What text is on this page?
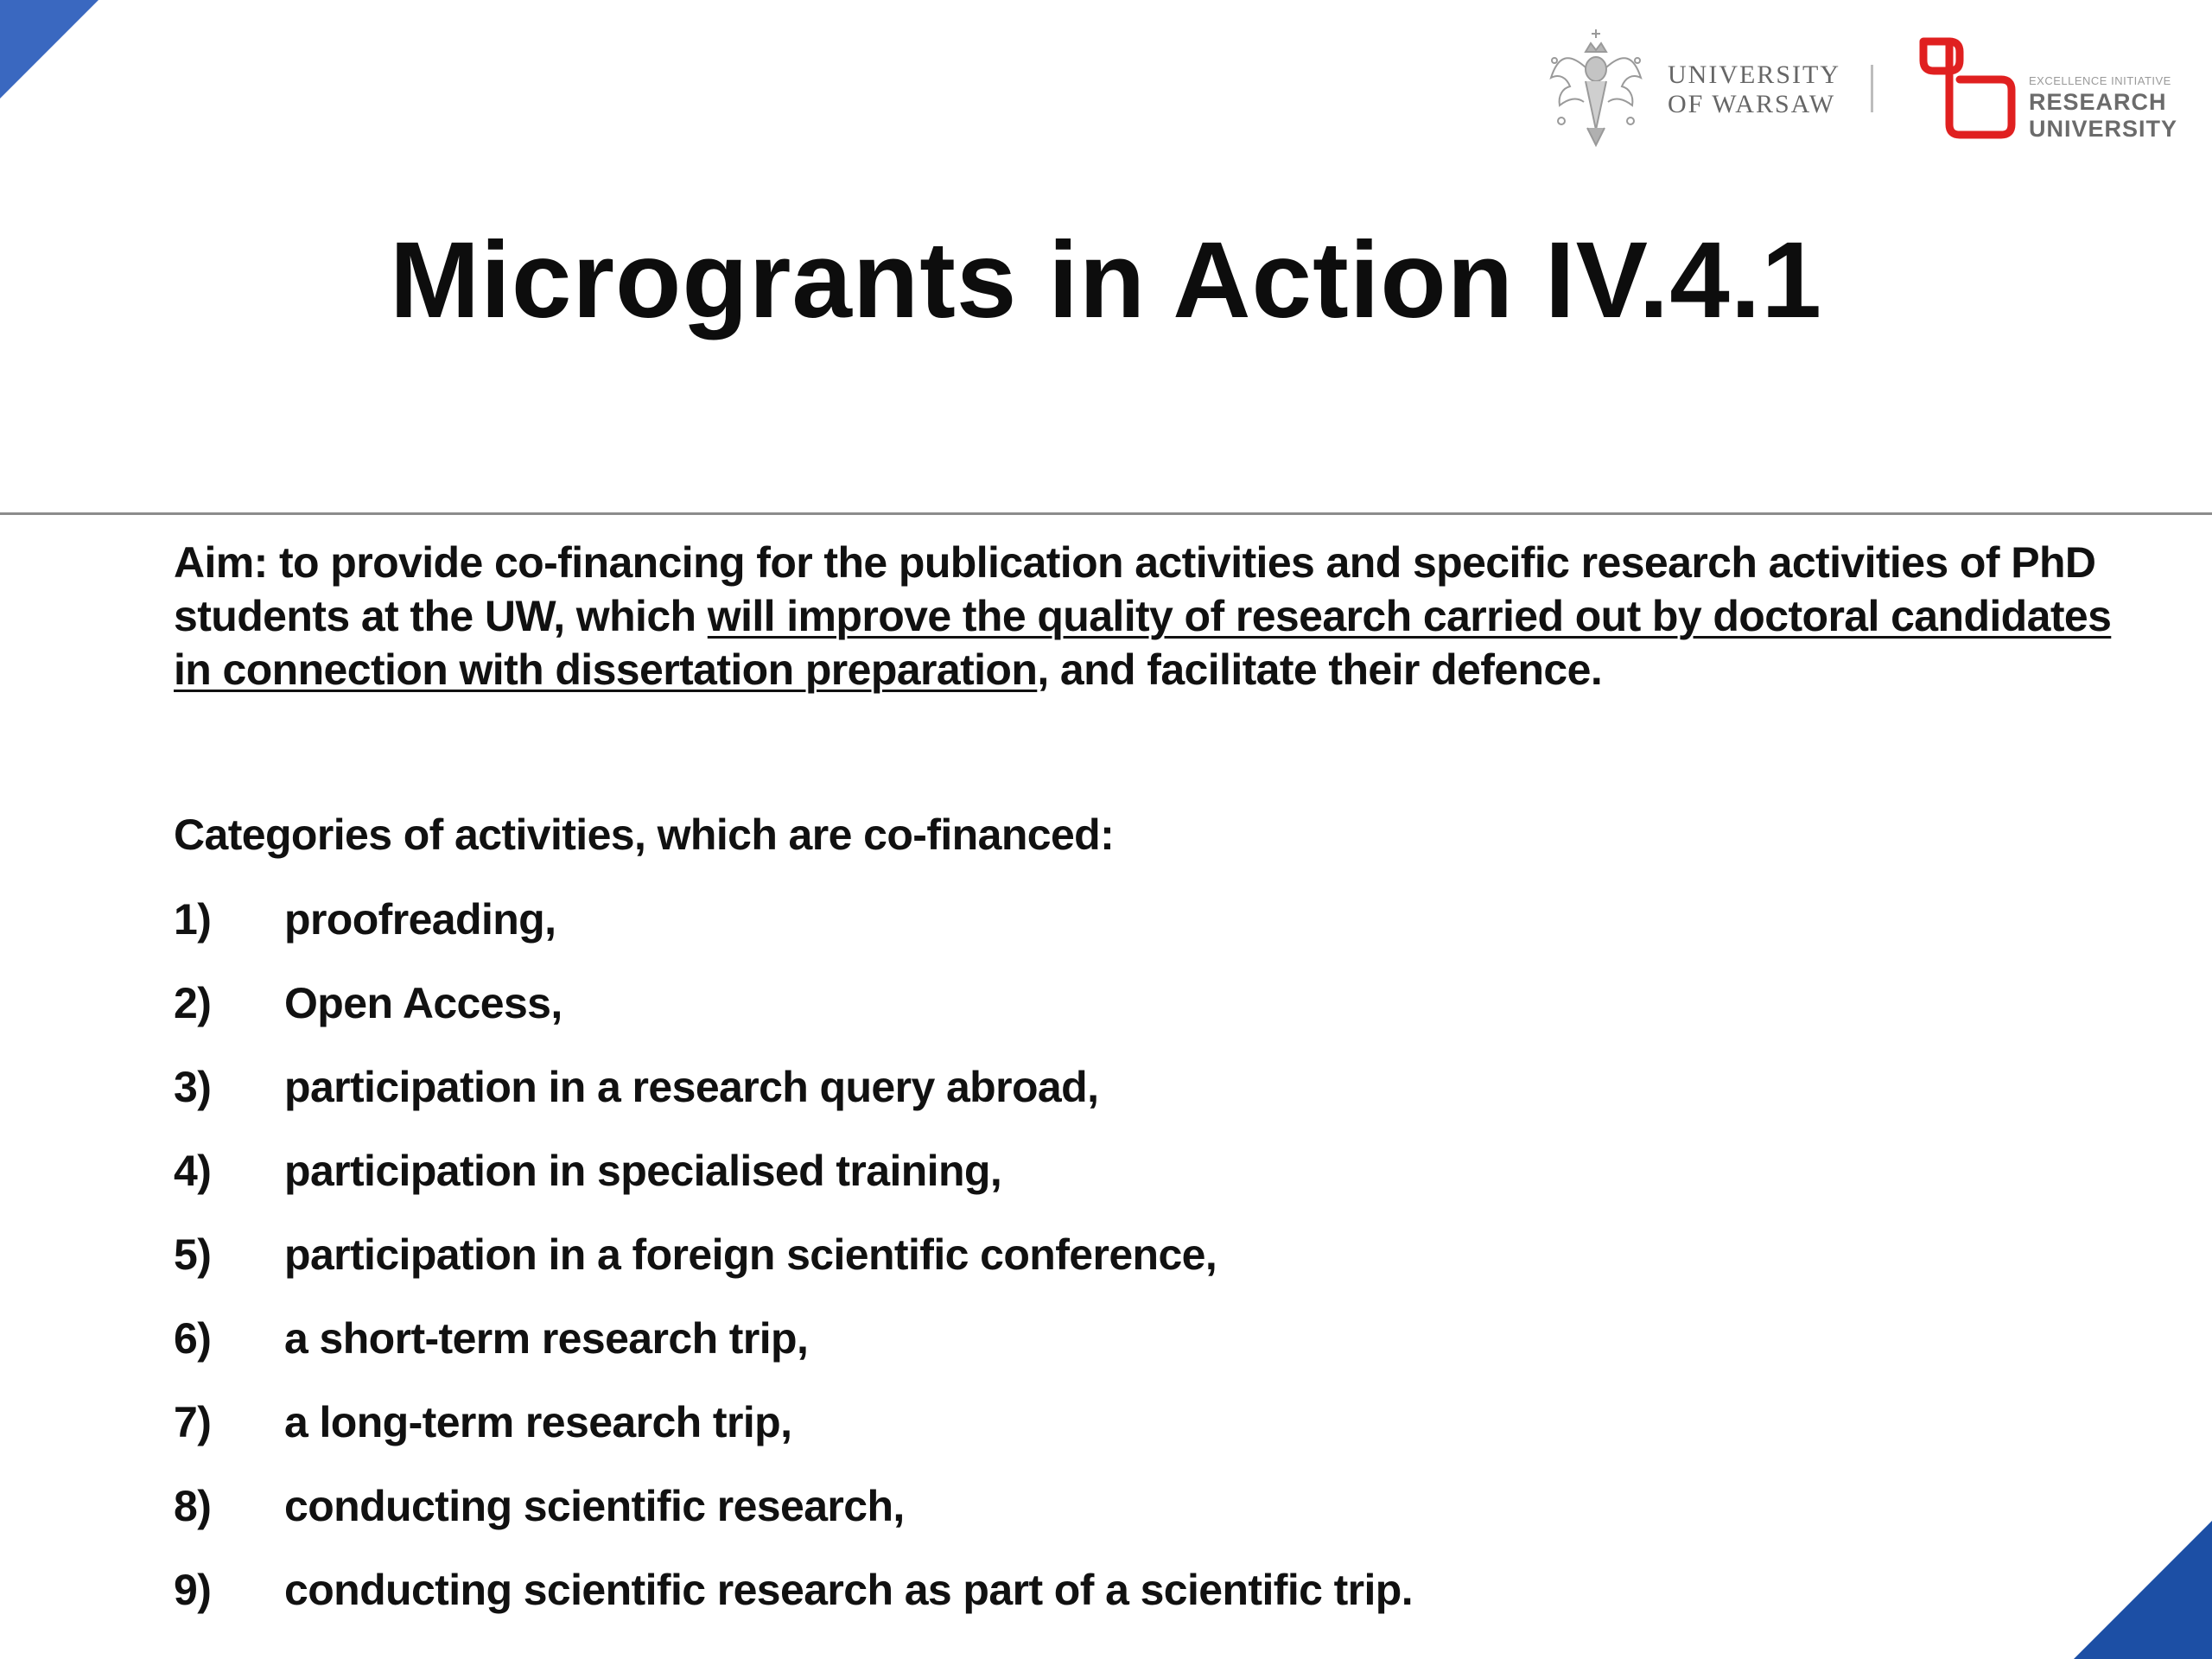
UNIVERSITY
OF WARSAW
EXCELLENCE INITIATIVE
RESEARCH
UNIVERSITY
Microgrants in Action IV.4.1
Aim: to provide co-financing for the publication activities and specific research activities of PhD students at the UW, which will improve the quality of research carried out by doctoral candidates in connection with dissertation preparation, and facilitate their defence.
Categories of activities, which are co-financed:
1) proofreading,
2) Open Access,
3) participation in a research query abroad,
4) participation in specialised training,
5) participation in a foreign scientific conference,
6) a short-term research trip,
7) a long-term research trip,
8) conducting scientific research,
9) conducting scientific research as part of a scientific trip.
